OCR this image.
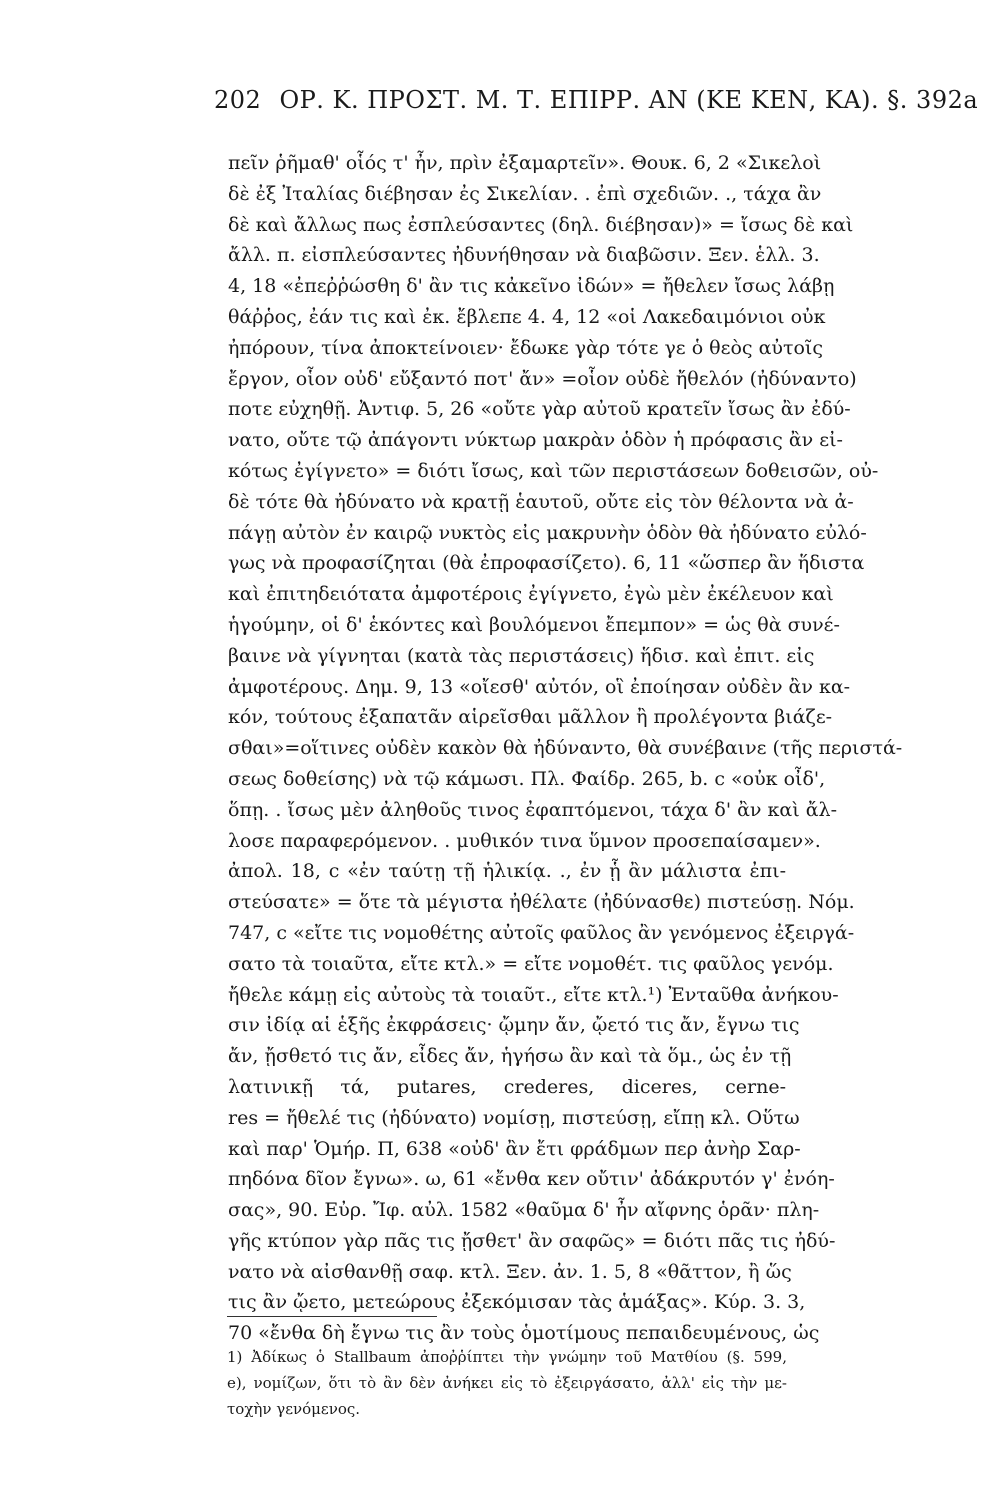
202 ΟΡ. Κ. ΠΡΟΣΤ. Μ. Τ. ΕΠΙΡΡ. ΑΝ (ΚΕ ΚΕΝ, ΚΑ). §. 392a
πεῖν ῥῆμαθ' οἷός τ' ἦν, πρὶν ἐξαμαρτεῖν». Θουκ. 6, 2 «Σικελοὶ
δὲ ἐξ Ἰταλίας διέβησαν ἐς Σικελίαν. . ἐπὶ σχεδιῶν. ., τάχα ἂν
δὲ καὶ ἄλλως πως ἐσπλεύσαντες (δηλ. διέβησαν)» = ἴσως δὲ καὶ
ἄλλ. π. εἰσπλεύσαντες ἠδυνήθησαν νὰ διαβῶσιν. Ξεν. ἑλλ. 3.
4, 18 «ἐπεῤῥώσθη δ' ἂν τις κἀκεῖνο ἰδών» = ἤθελεν ἴσως λάβῃ
θάῤῥος, ἐάν τις καὶ ἐκ. ἔβλεπε 4. 4, 12 «οἱ Λακεδαιμόνιοι οὐκ
ἠπόρουν, τίνα ἀποκτείνοιεν· ἔδωκε γὰρ τότε γε ὁ θεὸς αὐτοῖς
ἔργον, οἷον οὐδ' εὔξαντό ποτ' ἄν» =οἷον οὐδὲ ἤθελόν (ἠδύναντο)
ποτε εὐχηθῇ. Ἀντιφ. 5, 26 «οὔτε γὰρ αὐτοῦ κρατεῖν ἴσως ἂν ἐδύ-
νατο, οὔτε τῷ ἀπάγοντι νύκτωρ μακρὰν ὁδὸν ἡ πρόφασις ἂν εἰ-
κότως ἐγίγνετο» = διότι ἴσως, καὶ τῶν περιστάσεων δοθεισῶν, οὐ-
δὲ τότε θὰ ἠδύνατο νὰ κρατῇ ἑαυτοῦ, οὔτε εἰς τὸν θέλοντα νὰ ἀ-
πάγῃ αὐτὸν ἐν καιρῷ νυκτὸς εἰς μακρυνὴν ὁδὸν θὰ ἠδύνατο εὐλό-
γως νὰ προφασίζηται (θὰ ἐπροφασίζετο). 6, 11 «ὥσπερ ἂν ἥδιστα
καὶ ἐπιτηδειότατα ἀμφοτέροις ἐγίγνετο, ἐγὼ μὲν ἐκέλευον καὶ
ἡγούμην, οἱ δ' ἑκόντες καὶ βουλόμενοι ἔπεμπον» = ὡς θὰ συνέ-
βαινε νὰ γίγνηται (κατὰ τὰς περιστάσεις) ἥδισ. καὶ ἐπιτ. εἰς
ἀμφοτέρους. Δημ. 9, 13 «οἴεσθ' αὐτόν, οἳ ἐποίησαν οὐδὲν ἂν κα-
κόν, τούτους ἐξαπατᾶν αἱρεῖσθαι μᾶλλον ἢ προλέγοντα βιάζε-
σθαι»=οἵτινες οὐδὲν κακὸν θὰ ἠδύναντο, θὰ συνέβαινε (τῆς περιστά-
σεως δοθείσης) νὰ τῷ κάμωσι. Πλ. Φαίδρ. 265, b. c «οὐκ οἶδ',
ὅπῃ. . ἴσως μὲν ἀληθοῦς τινος ἐφαπτόμενοι, τάχα δ' ἂν καὶ ἄλ-
λοσε παραφερόμενον. . μυθικόν τινα ὕμνον προσεπαίσαμεν».
ἀπολ. 18, c «ἐν ταύτῃ τῇ ἡλικίᾳ. ., ἐν ᾗ ἂν μάλιστα ἐπι-
στεύσατε» = ὅτε τὰ μέγιστα ἠθέλατε (ἠδύνασθε) πιστεύσῃ. Νόμ.
747, c «εἴτε τις νομοθέτης αὐτοῖς φαῦλος ἂν γενόμενος ἐξειργά-
σατο τὰ τοιαῦτα, εἴτε κτλ.» = εἴτε νομοθέτ. τις φαῦλος γενόμ.
ἤθελε κάμῃ εἰς αὐτοὺς τὰ τοιαῦτ., εἴτε κτλ.¹) Ἐνταῦθα ἀνήκου-
σιν ἰδίᾳ αἱ ἑξῆς ἐκφράσεις· ᾤμην ἄν, ᾤετό τις ἄν, ἔγνω τις
ἄν, ᾔσθετό τις ἄν, εἶδες ἄν, ἡγήσω ἂν καὶ τὰ ὅμ., ὡς ἐν τῇ
λατινικῇ τά, putares, crederes, diceres, cerne-
res = ἤθελέ τις (ἠδύνατο) νομίσῃ, πιστεύσῃ, εἴπῃ κλ. Οὕτω
καὶ παρ' Ὁμήρ. Π, 638 «οὐδ' ἂν ἔτι φράδμων περ ἀνὴρ Σαρ-
πηδόνα δῖον ἔγνω». ω, 61 «ἔνθα κεν οὔτιν' ἀδάκρυτόν γ' ἐνόη-
σας», 90. Εὐρ. Ἴφ. αὐλ. 1582 «θαῦμα δ' ἦν αἴφνης ὁρᾶν· πλη-
γῆς κτύπον γὰρ πᾶς τις ᾔσθετ' ἂν σαφῶς» = διότι πᾶς τις ἠδύ-
νατο νὰ αἰσθανθῇ σαφ. κτλ. Ξεν. ἀν. 1. 5, 8 «θᾶττον, ἢ ὥς
τις ἂν ᾤετο, μετεώρους ἐξεκόμισαν τὰς ἁμάξας». Κύρ. 3. 3,
70 «ἔνθα δὴ ἔγνω τις ἂν τοὺς ὁμοτίμους πεπαιδευμένους, ὡς
1) Ἀδίκως ὁ Stallbaum ἀποῤῥίπτει τὴν γνώμην τοῦ Ματθίου (§. 599,
e), νομίζων, ὅτι τὸ ἂν δὲν ἀνήκει εἰς τὸ ἐξειργάσατο, ἀλλ' εἰς τὴν με-
τοχὴν γενόμενος.
